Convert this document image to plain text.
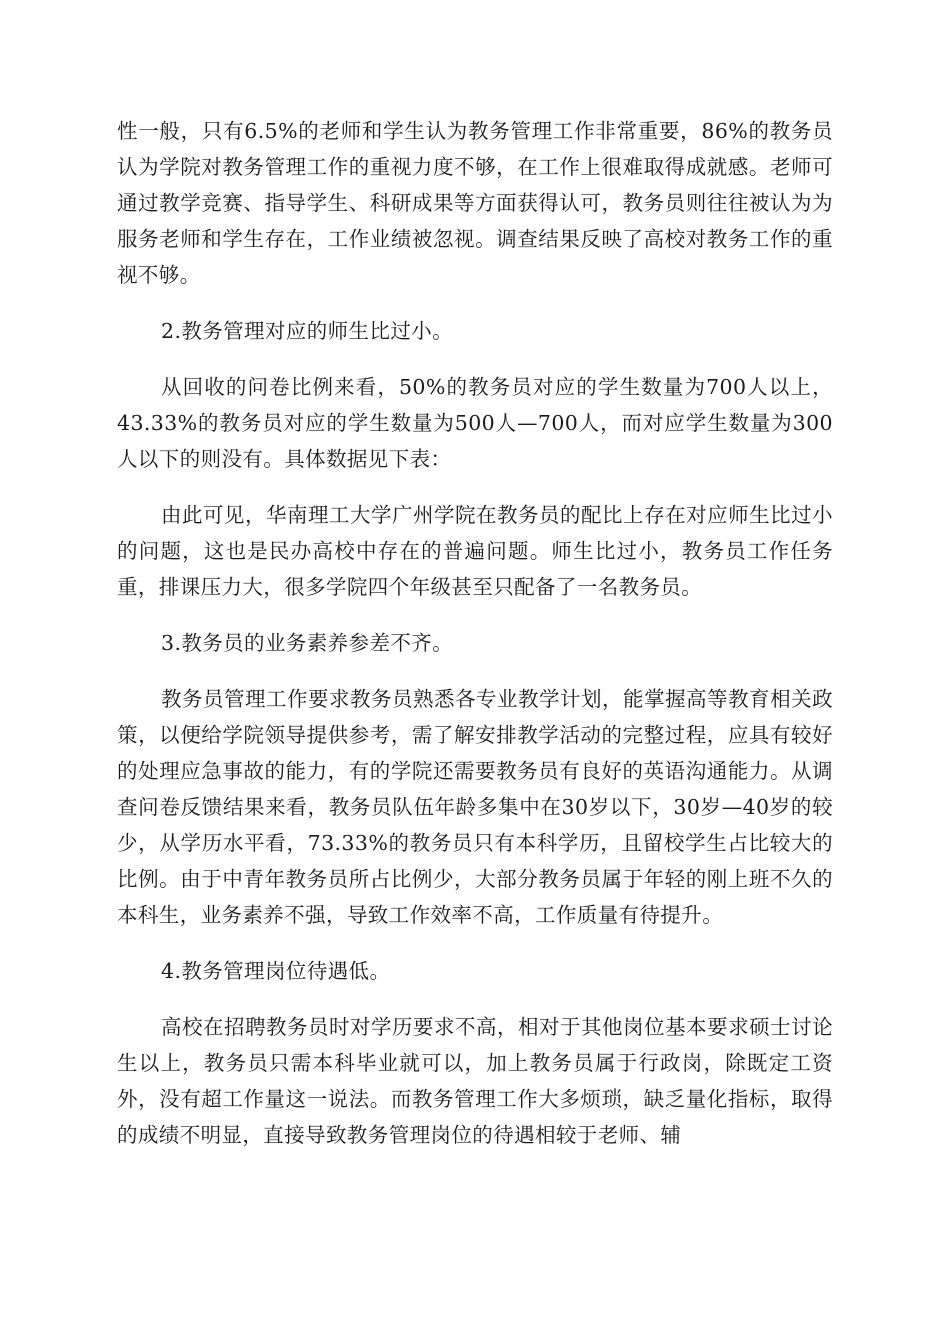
性一般，只有6.5%的老师和学生认为教务管理工作非常重要，86%的教务员认为学院对教务管理工作的重视力度不够，在工作上很难取得成就感。老师可通过教学竞赛、指导学生、科研成果等方面获得认可，教务员则往往被认为为服务老师和学生存在，工作业绩被忽视。调查结果反映了高校对教务工作的重视不够。

2.教务管理对应的师生比过小。

从回收的问卷比例来看，50%的教务员对应的学生数量为700人以上，43.33%的教务员对应的学生数量为500人—700人，而对应学生数量为300人以下的则没有。具体数据见下表：

由此可见，华南理工大学广州学院在教务员的配比上存在对应师生比过小的问题，这也是民办高校中存在的普遍问题。师生比过小，教务员工作任务重，排课压力大，很多学院四个年级甚至只配备了一名教务员。

3.教务员的业务素养参差不齐。

教务员管理工作要求教务员熟悉各专业教学计划，能掌握高等教育相关政策，以便给学院领导提供参考，需了解安排教学活动的完整过程，应具有较好的处理应急事故的能力，有的学院还需要教务员有良好的英语沟通能力。从调查问卷反馈结果来看，教务员队伍年龄多集中在30岁以下，30岁—40岁的较少，从学历水平看，73.33%的教务员只有本科学历，且留校学生占比较大的比例。由于中青年教务员所占比例少，大部分教务员属于年轻的刚上班不久的本科生，业务素养不强，导致工作效率不高，工作质量有待提升。

4.教务管理岗位待遇低。

高校在招聘教务员时对学历要求不高，相对于其他岗位基本要求硕士讨论生以上，教务员只需本科毕业就可以，加上教务员属于行政岗，除既定工资外，没有超工作量这一说法。而教务管理工作大多烦琐，缺乏量化指标，取得的成绩不明显，直接导致教务管理岗位的待遇相较于老师、辅
